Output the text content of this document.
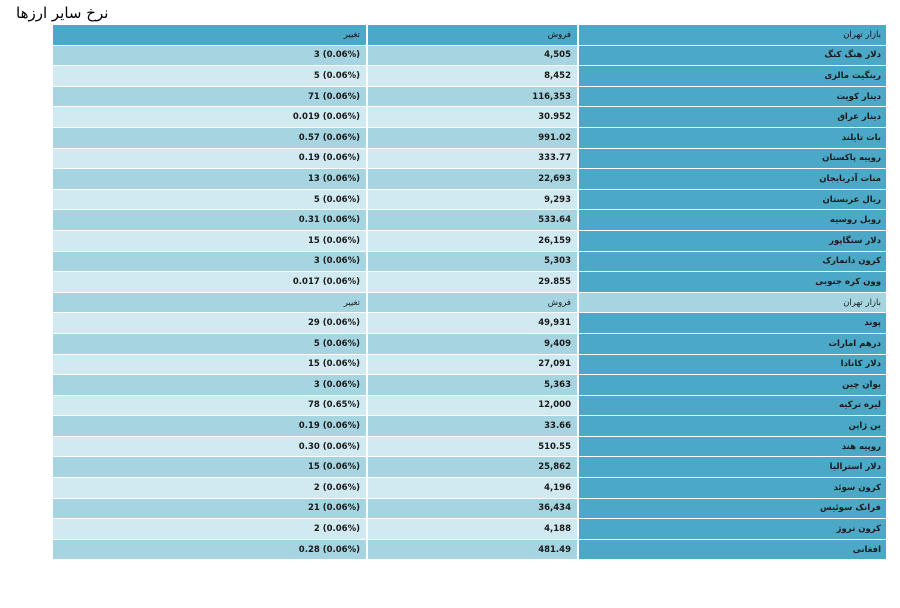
نرخ سایر ارزها
تغییر	فروش	بازار تهران
3 (0.06%)	4,505	دلار هنگ کنگ
5 (0.06%)	8,452	رینگیت مالزی
71 (0.06%)	116,353	دینار کویت
0.019 (0.06%)	30.952	دینار عراق
0.57 (0.06%)	991.02	بات تایلند
0.19 (0.06%)	333.77	روپیه پاکستان
13 (0.06%)	22,693	منات آذربایجان
5 (0.06%)	9,293	ریال عربستان
0.31 (0.06%)	533.64	روبل روسیه
15 (0.06%)	26,159	دلار سنگاپور
3 (0.06%)	5,303	کرون دانمارک
0.017 (0.06%)	29.855	وون کره جنوبی
تغییر	فروش	بازار تهران
29 (0.06%)	49,931	پوند
5 (0.06%)	9,409	درهم امارات
15 (0.06%)	27,091	دلار کانادا
3 (0.06%)	5,363	یوان چین
78 (0.65%)	12,000	لیره ترکیه
0.19 (0.06%)	33.66	ین ژاپن
0.30 (0.06%)	510.55	روپیه هند
15 (0.06%)	25,862	دلار استرالیا
2 (0.06%)	4,196	کرون سوئد
21 (0.06%)	36,434	فرانک سوئیس
2 (0.06%)	4,188	کرون نروژ
0.28 (0.06%)	481.49	افغانی
